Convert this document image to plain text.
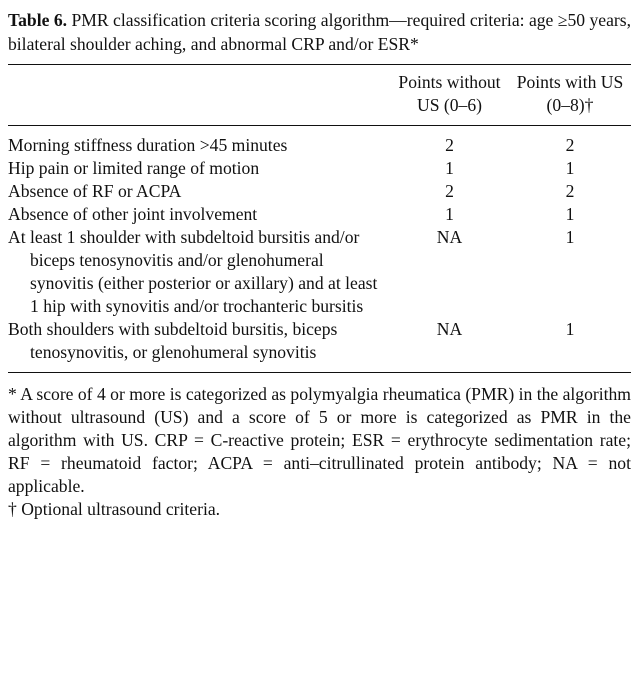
Table 6. PMR classification criteria scoring algorithm—required criteria: age ≥50 years, bilateral shoulder aching, and abnormal CRP and/or ESR*

	Points without US (0–6)	Points with US (0–8)†

Morning stiffness duration >45 minutes	2	2
Hip pain or limited range of motion	1	1
Absence of RF or ACPA	2	2
Absence of other joint involvement	1	1
At least 1 shoulder with subdeltoid bursitis and/or biceps tenosynovitis and/or glenohumeral synovitis (either posterior or axillary) and at least 1 hip with synovitis and/or trochanteric bursitis	NA	1
Both shoulders with subdeltoid bursitis, biceps tenosynovitis, or glenohumeral synovitis	NA	1

* A score of 4 or more is categorized as polymyalgia rheumatica (PMR) in the algorithm without ultrasound (US) and a score of 5 or more is categorized as PMR in the algorithm with US. CRP = C-reactive protein; ESR = erythrocyte sedimentation rate; RF = rheumatoid factor; ACPA = anti–citrullinated protein antibody; NA = not applicable.

† Optional ultrasound criteria.
